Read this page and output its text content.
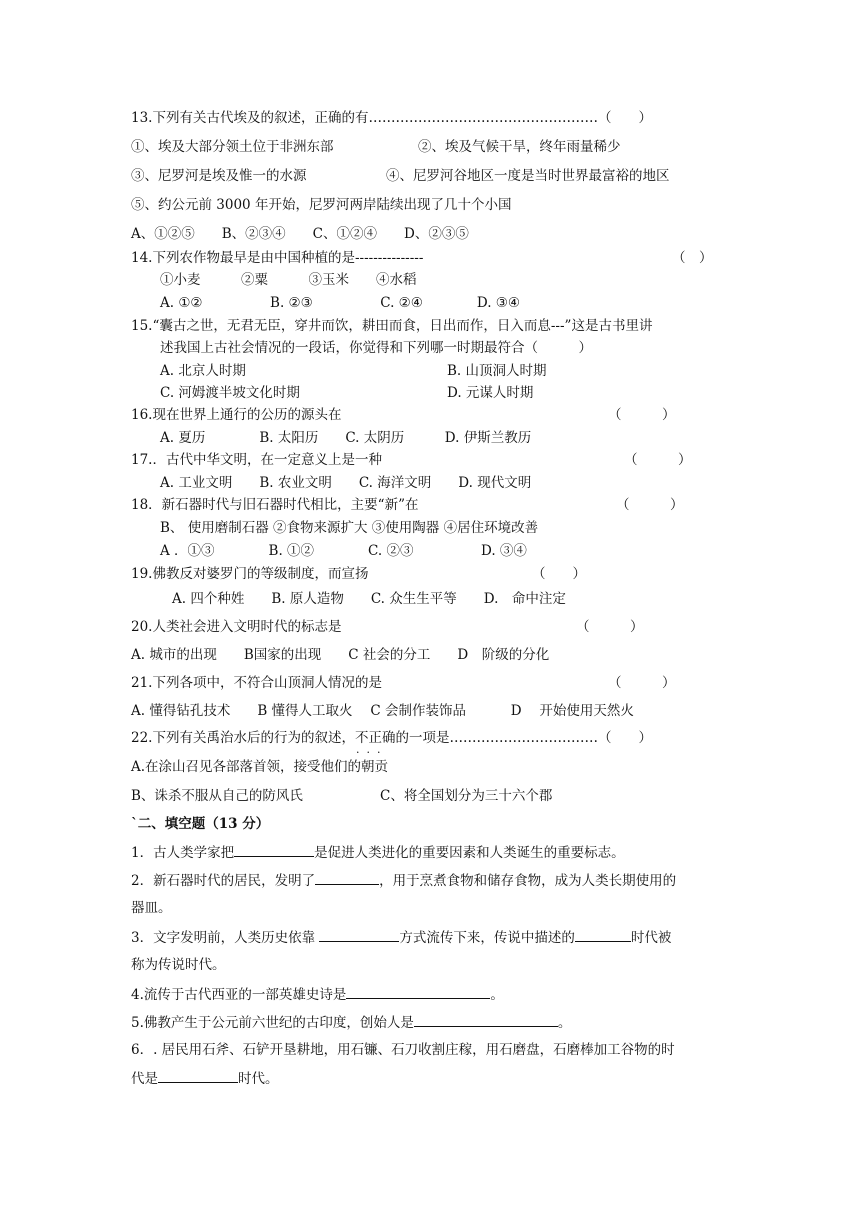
13.下列有关古代埃及的叙述，正确的有……………………………………………（　　）
①、埃及大部分领土位于非洲东部	②、埃及气候干旱，终年雨量稀少
③、尼罗河是埃及惟一的水源	④、尼罗河谷地区一度是当时世界最富裕的地区
⑤、约公元前 3000 年开始，尼罗河两岸陆续出现了几十个小国
A、①②⑤　　B、②③④　　C、①②④　　D、②③⑤
14.下列农作物最早是由中国种植的是---------------	（　）
①小麦　　　②粟　　　③玉米　　④水稻
A. ①②　　　　　B. ②③　　　　　C. ②④　　　　D. ③④
15.“囊古之世，无君无臣，穿井而饮，耕田而食，日出而作，日入而息---”这是古书里讲
述我国上古社会情况的一段话，你觉得和下列哪一时期最符合（　　　）
A. 北京人时期	B. 山顶洞人时期
C. 河姆渡半坡文化时期	D. 元谋人时期
16.现在世界上通行的公历的源头在	（　　　）
A. 夏历　　　　B. 太阳历　　C. 太阴历　　　D. 伊斯兰教历
17.．古代中华文明，在一定意义上是一种	（　　　）
A. 工业文明　　B. 农业文明　　C. 海洋文明　　D. 现代文明
18．新石器时代与旧石器时代相比，主要“新”在	（　　　）
B、 使用磨制石器 ②食物来源扩大 ③使用陶器 ④居住环境改善
A ．①③　　　　B. ①②　　　　C. ②③　　　　　D. ③④
19.佛教反对婆罗门的等级制度，而宣扬	（　　）
A. 四个种姓　　B. 原人造物　　C. 众生生平等　　D.　命中注定
20.人类社会进入文明时代的标志是	（　　　）
A. 城市的出现　　B国家的出现　　C 社会的分工　　D　阶级的分化
21.下列各项中，不符合山顶洞人情况的是	（　　　）
A. 懂得钻孔技术　　B 懂得人工取火　 C 会制作装饰品　　　 D　 开始使用天然火
22.下列有关禹治水后的行为的叙述，不正确 ·  ·  ·的一项是……………………………（　　）
A.在涂山召见各部落首领，接受他们的朝贡
B、诛杀不服从自己的防风氏	C、将全国划分为三十六个郡
`二、填空题（13 分）
1．古人类学家把	是促进人类进化的重要因素和人类诞生的重要标志。
2．新石器时代的居民，发明了	，用于烹煮食物和储存食物，成为人类长期使用的
器皿。
3．文字发明前，人类历史依靠	方式流传下来，传说中描述的	时代被
称为传说时代。
4.流传于古代西亚的一部英雄史诗是	。
5.佛教产生于公元前六世纪的古印度，创始人是	。
6．. 居民用石斧、石铲开垦耕地，用石镰、石刀收割庄稼，用石磨盘，石磨棒加工谷物的时
代是	时代。
